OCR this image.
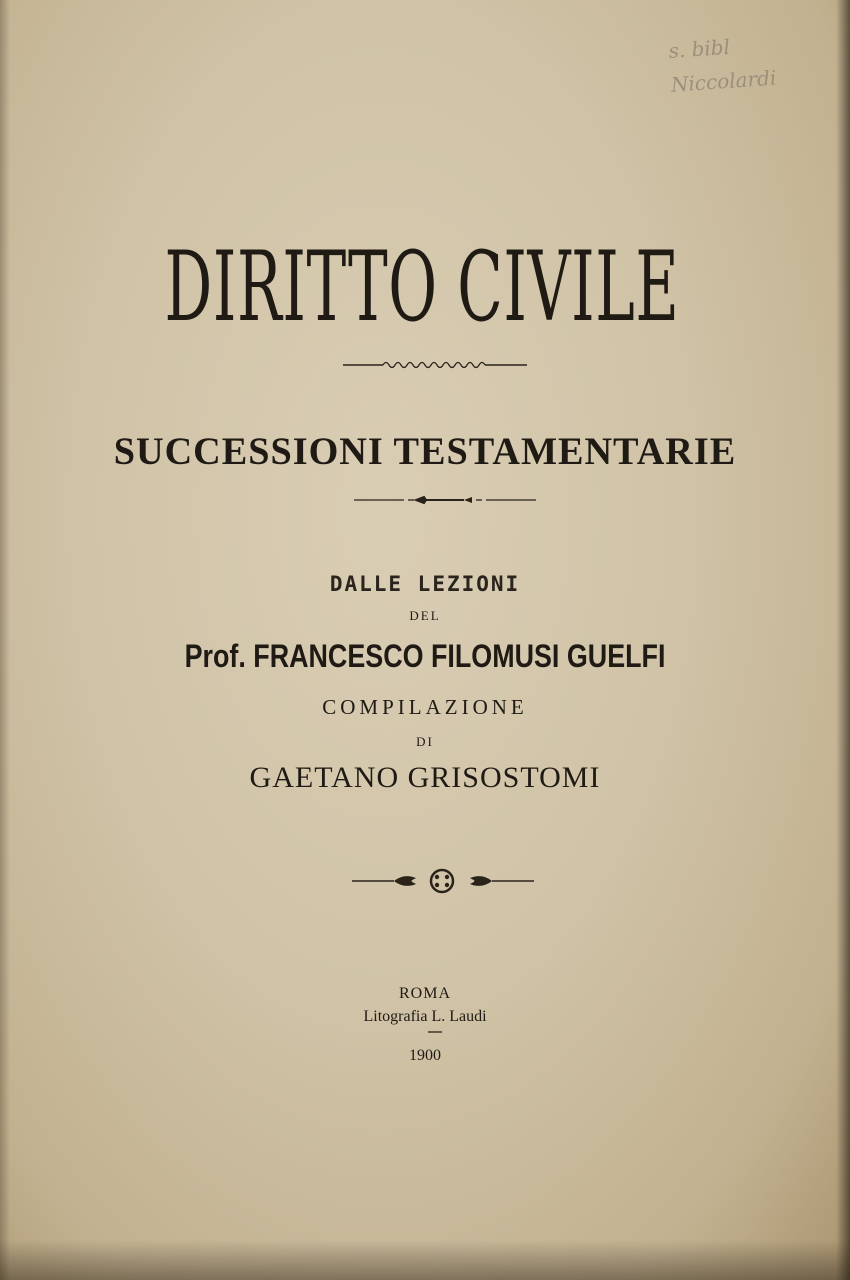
s. bibl
Niccolardi
DIRITTO CIVILE
SUCCESSIONI TESTAMENTARIE
DALLE LEZIONI
DEL
Prof. FRANCESCO FILOMUSI GUELFI
COMPILAZIONE
DI
GAETANO GRISOSTOMI
ROMA
Litografia L. Laudi
1900
